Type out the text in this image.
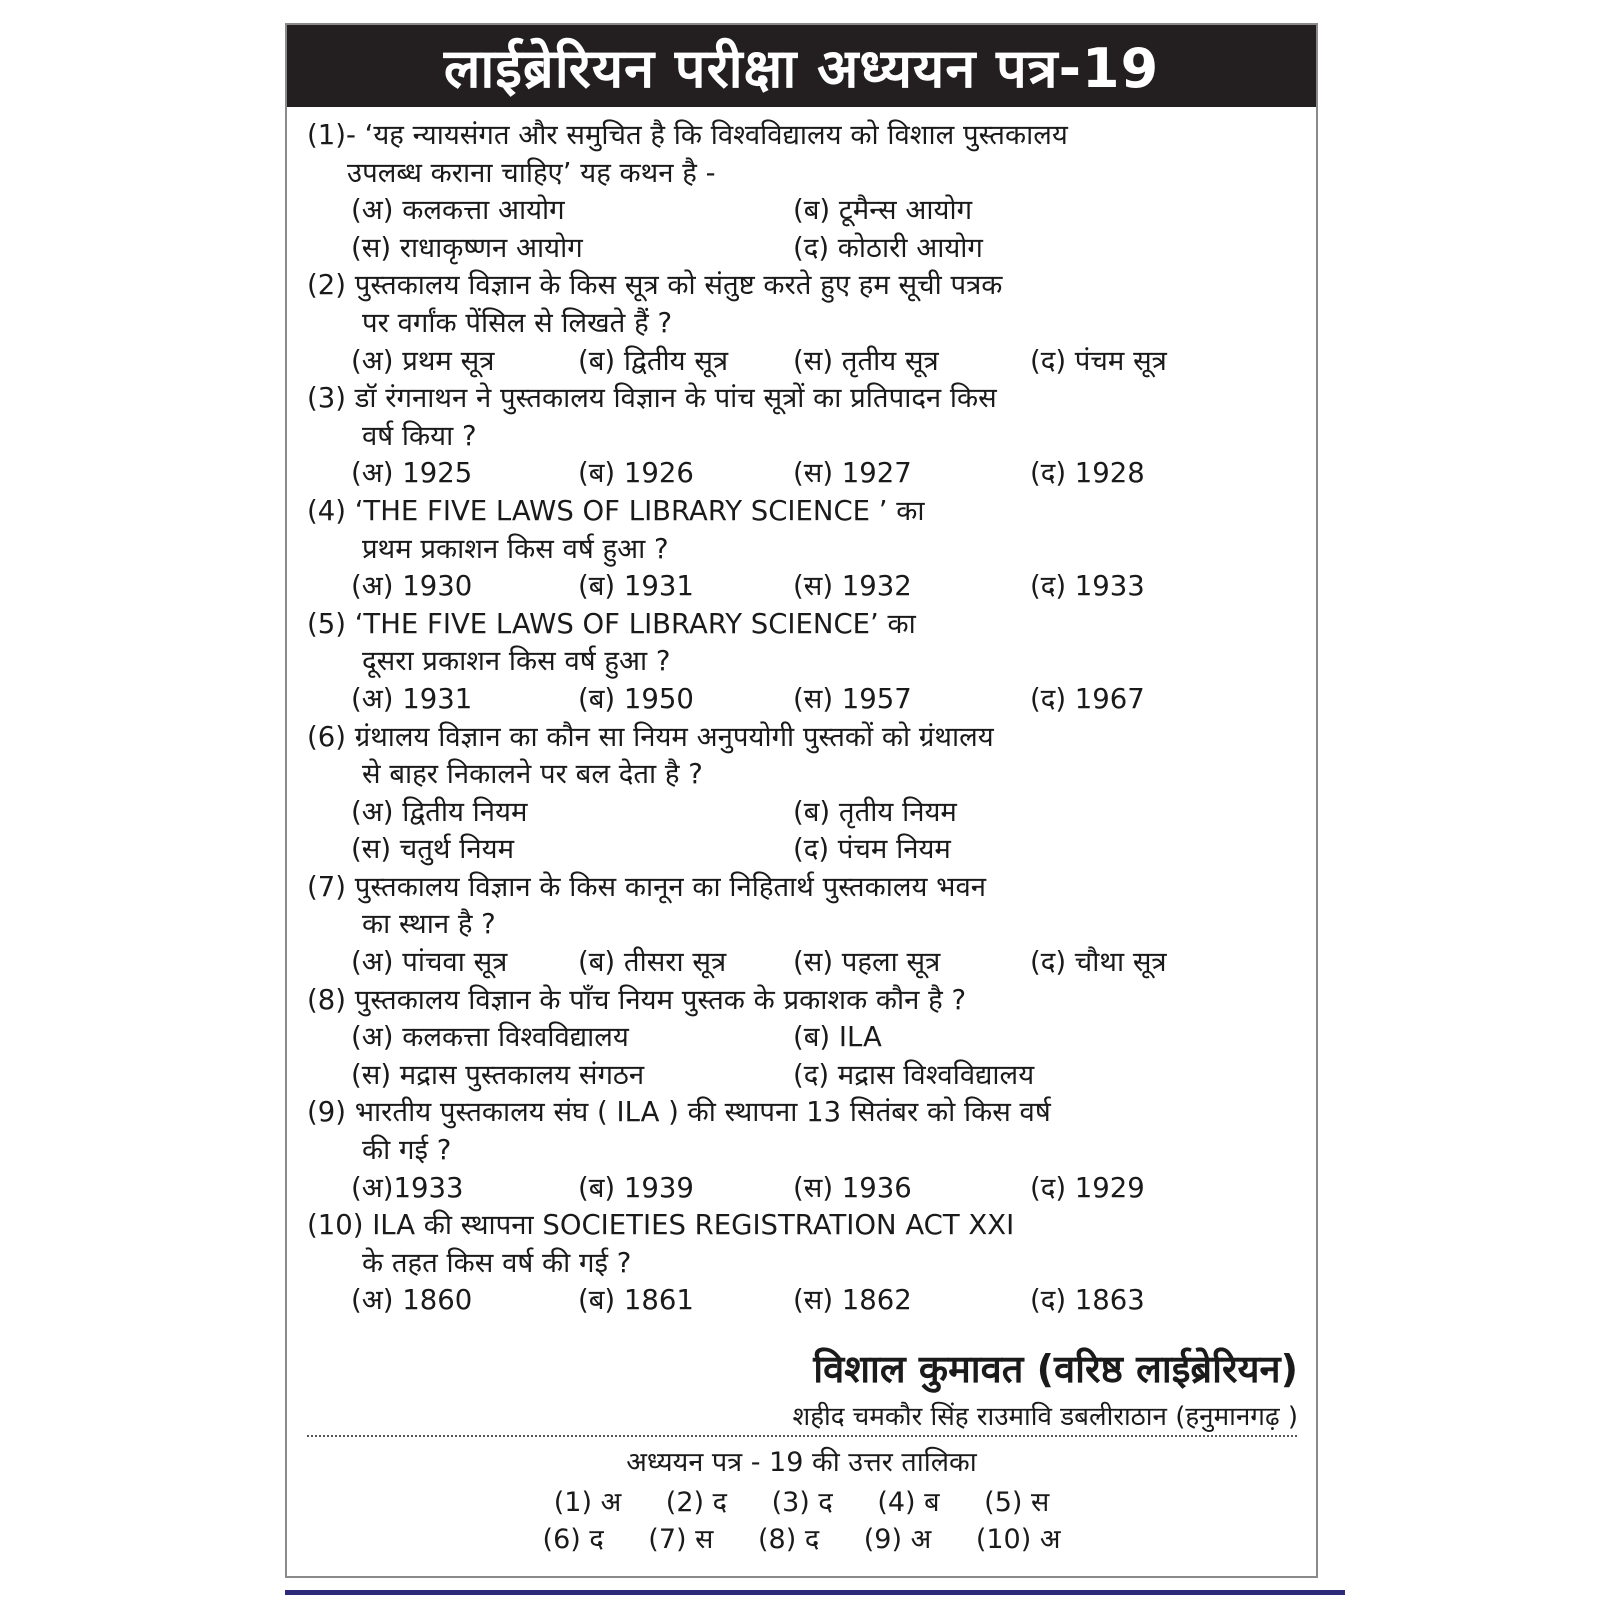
लाईब्रेरियन परीक्षा अध्ययन पत्र-19
(1)- ‘यह न्यायसंगत और समुचित है कि विश्वविद्यालय को विशाल पुस्तकालय
उपलब्ध कराना चाहिए’ यह कथन है -
(अ) कलकत्ता आयोग	(ब) टूमैन्स आयोग
(स) राधाकृष्णन आयोग	(द) कोठारी आयोग
(2) पुस्तकालय विज्ञान के किस सूत्र को संतुष्ट करते हुए हम सूची पत्रक
पर वर्गांक पेंसिल से लिखते हैं ?
(अ) प्रथम सूत्र	(ब) द्वितीय सूत्र (स) तृतीय सूत्र	(द) पंचम सूत्र
(3) डॉ रंगनाथन ने पुस्तकालय विज्ञान के पांच सूत्रों का प्रतिपादन किस
वर्ष किया ?
(अ) 1925	(ब) 1926	(स) 1927	(द) 1928
(4) ‘THE FIVE LAWS OF LIBRARY SCIENCE ’ का
प्रथम प्रकाशन किस वर्ष हुआ ?
(अ) 1930	(ब) 1931	(स) 1932	(द) 1933
(5) ‘THE FIVE LAWS OF LIBRARY SCIENCE’ का
दूसरा प्रकाशन किस वर्ष हुआ ?
(अ) 1931	(ब) 1950	(स) 1957	(द) 1967
(6) ग्रंथालय विज्ञान का कौन सा नियम अनुपयोगी पुस्तकों को ग्रंथालय
से बाहर निकालने पर बल देता है ?
(अ) द्वितीय नियम	(ब) तृतीय नियम
(स) चतुर्थ नियम	(द) पंचम नियम
(7) पुस्तकालय विज्ञान के किस कानून का निहितार्थ पुस्तकालय भवन
का स्थान है ?
(अ) पांचवा सूत्र	(ब) तीसरा सूत्र (स) पहला सूत्र	(द) चौथा सूत्र
(8) पुस्तकालय विज्ञान के पाँच नियम पुस्तक के प्रकाशक कौन है ?
(अ) कलकत्ता विश्वविद्यालय	(ब) ILA
(स) मद्रास पुस्तकालय संगठन	(द) मद्रास विश्वविद्यालय
(9) भारतीय पुस्तकालय संघ ( ILA ) की स्थापना 13 सितंबर को किस वर्ष
की गई ?
(अ)1933	(ब) 1939	(स) 1936	(द) 1929
(10) ILA की स्थापना SOCIETIES REGISTRATION ACT XXI
के तहत किस वर्ष की गई ?
(अ) 1860	(ब) 1861	(स) 1862	(द) 1863
विशाल कुमावत (वरिष्ठ लाईब्रेरियन)
शहीद चमकौर सिंह राउमावि डबलीराठान (हनुमानगढ़ )
अध्ययन पत्र - 19 की उत्तर तालिका
(1) अ (2) द (3) द (4) ब (5) स
(6) द (7) स (8) द (9) अ (10) अ
